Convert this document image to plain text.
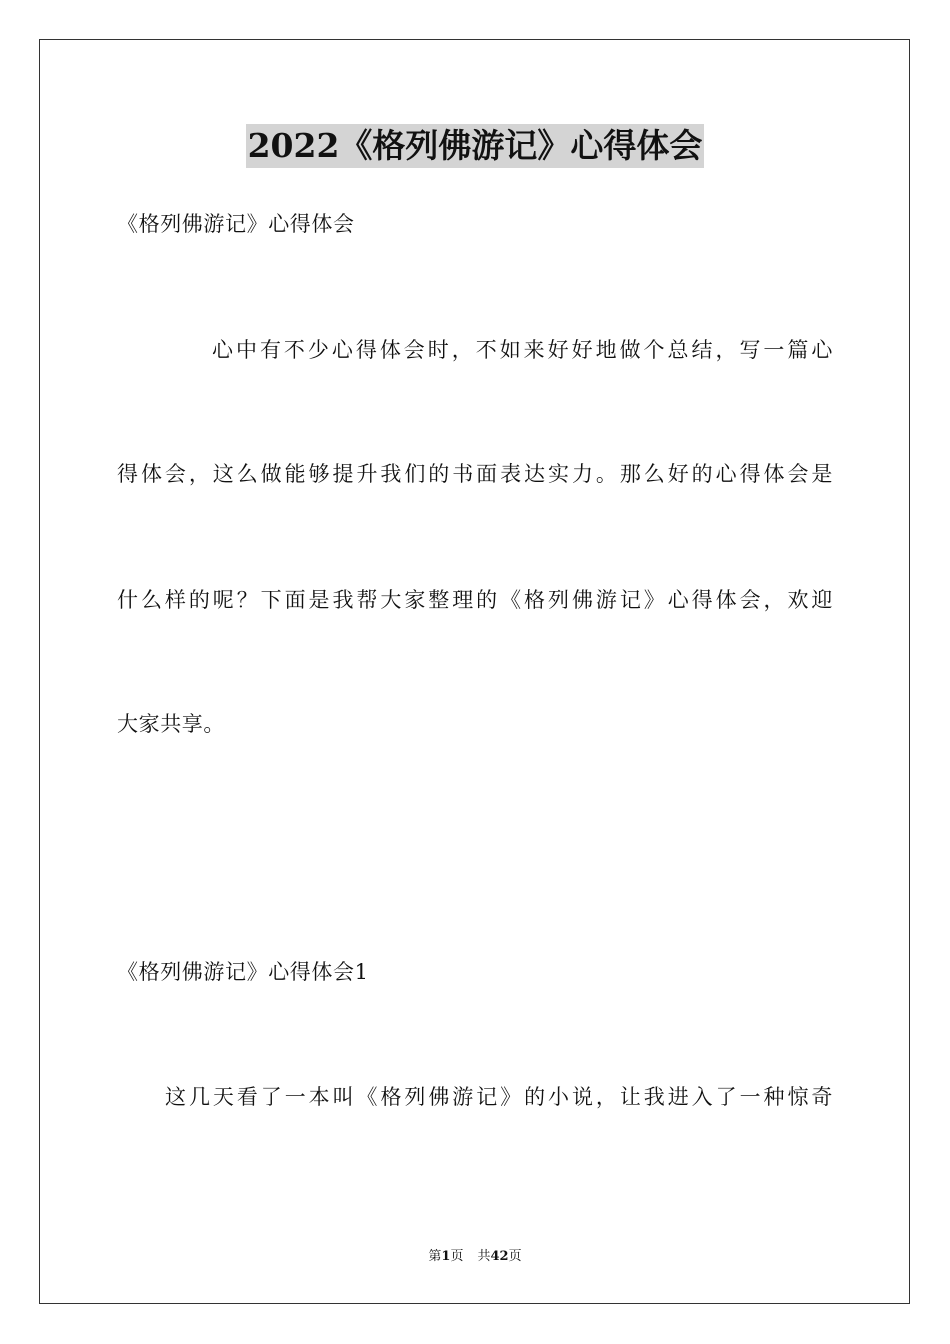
2022《格列佛游记》心得体会
《格列佛游记》心得体会
心中有不少心得体会时，不如来好好地做个总结，写一篇心
得体会，这么做能够提升我们的书面表达实力。那么好的心得体会是
什么样的呢？下面是我帮大家整理的《格列佛游记》心得体会，欢迎
大家共享。
《格列佛游记》心得体会1
这几天看了一本叫《格列佛游记》的小说，让我进入了一种惊奇
第1页 共42页
